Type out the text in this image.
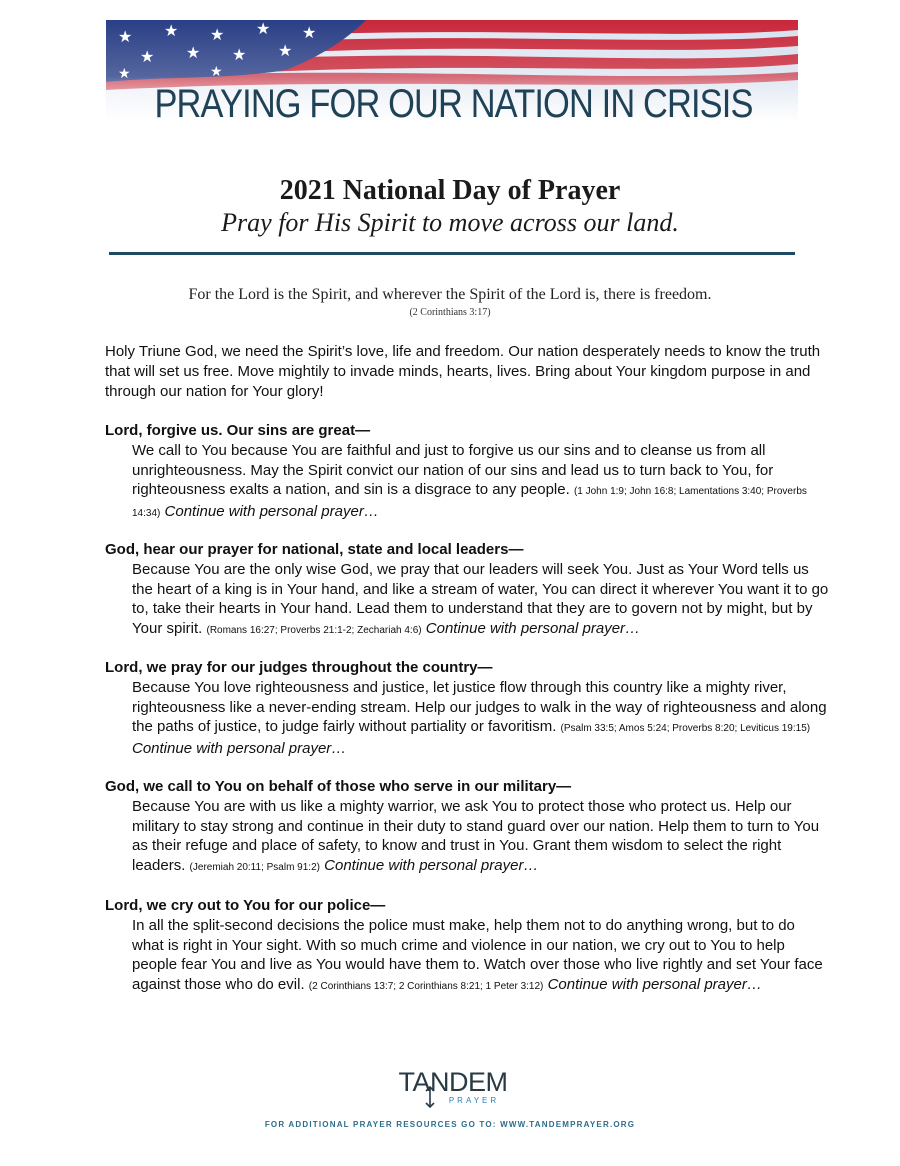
PRAYING FOR OUR NATION IN CRISIS
2021 National Day of Prayer
Pray for His Spirit to move across our land.
For the Lord is the Spirit, and wherever the Spirit of the Lord is, there is freedom.
(2 Corinthians 3:17)
Holy Triune God, we need the Spirit’s love, life and freedom. Our nation desperately needs to know the truth that will set us free. Move mightily to invade minds, hearts, lives. Bring about Your kingdom purpose in and through our nation for Your glory!
Lord, forgive us. Our sins are great—
We call to You because You are faithful and just to forgive us our sins and to cleanse us from all unrighteousness. May the Spirit convict our nation of our sins and lead us to turn back to You, for righteousness exalts a nation, and sin is a disgrace to any people. (1 John 1:9; John 16:8; Lamentations 3:40; Proverbs 14:34) Continue with personal prayer…
God, hear our prayer for national, state and local leaders—
Because You are the only wise God, we pray that our leaders will seek You. Just as Your Word tells us the heart of a king is in Your hand, and like a stream of water, You can direct it wherever You want it to go to, take their hearts in Your hand. Lead them to understand that they are to govern not by might, but by Your spirit. (Romans 16:27; Proverbs 21:1-2; Zechariah 4:6) Continue with personal prayer…
Lord, we pray for our judges throughout the country—
Because You love righteousness and justice, let justice flow through this country like a mighty river, righteousness like a never-ending stream. Help our judges to walk in the way of righteousness and along the paths of justice, to judge fairly without partiality or favoritism. (Psalm 33:5; Amos 5:24; Proverbs 8:20; Leviticus 19:15) Continue with personal prayer…
God, we call to You on behalf of those who serve in our military—
Because You are with us like a mighty warrior, we ask You to protect those who protect us. Help our military to stay strong and continue in their duty to stand guard over our nation. Help them to turn to You as their refuge and place of safety, to know and trust in You. Grant them wisdom to select the right leaders. (Jeremiah 20:11; Psalm 91:2) Continue with personal prayer…
Lord, we cry out to You for our police—
In all the split-second decisions the police must make, help them not to do anything wrong, but to do what is right in Your sight. With so much crime and violence in our nation, we cry out to You to help people fear You and live as You would have them to. Watch over those who live rightly and set Your face against those who do evil. (2 Corinthians 13:7; 2 Corinthians 8:21; 1 Peter 3:12) Continue with personal prayer…
TANDEM
PRAYER
FOR ADDITIONAL PRAYER RESOURCES GO TO: WWW.TANDEMPRAYER.ORG
